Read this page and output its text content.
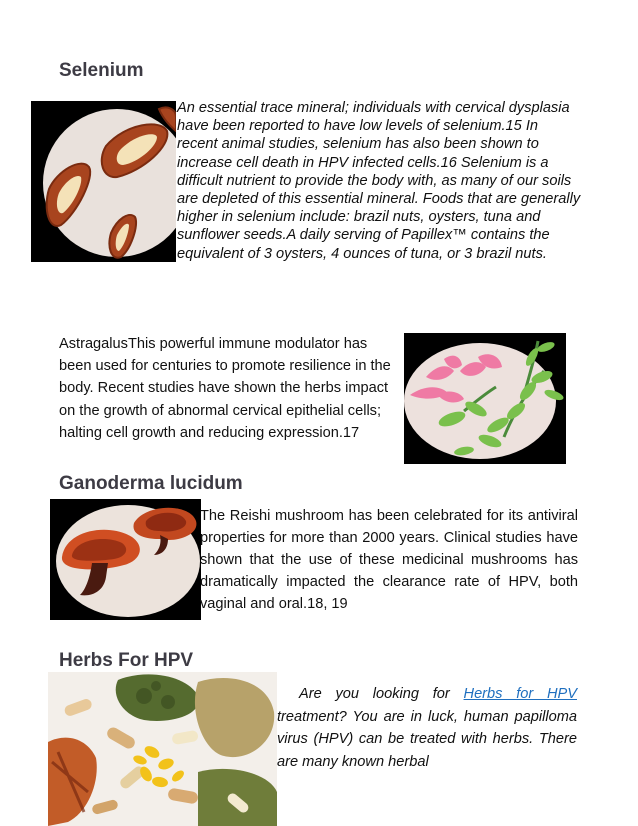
Selenium
An essential trace mineral; individuals with cervical dysplasia have been reported to have low levels of selenium.15 In recent animal studies, selenium has also been shown to increase cell death in HPV infected cells.16 Selenium is a difficult nutrient to provide the body with, as many of our soils are depleted of this essential mineral. Foods that are generally higher in selenium include: brazil nuts, oysters, tuna and sunflower seeds.A daily serving of Papillex™ contains the equivalent of 3 oysters, 4 ounces of tuna, or 3 brazil nuts.
AstragalusThis powerful immune modulator has been used for centuries to promote resilience in the body. Recent studies have shown the herbs impact on the growth of abnormal cervical epithelial cells; halting cell growth and reducing expression.17
Ganoderma lucidum
The Reishi mushroom has been celebrated for its antiviral properties for more than 2000 years. Clinical studies have shown that the use of these medicinal mushrooms has dramatically impacted the clearance rate of HPV, both vaginal and oral.18, 19
Herbs For HPV
Are you looking for Herbs for HPV treatment? You are in luck, human papilloma virus (HPV) can be treated with herbs. There are many known herbal
